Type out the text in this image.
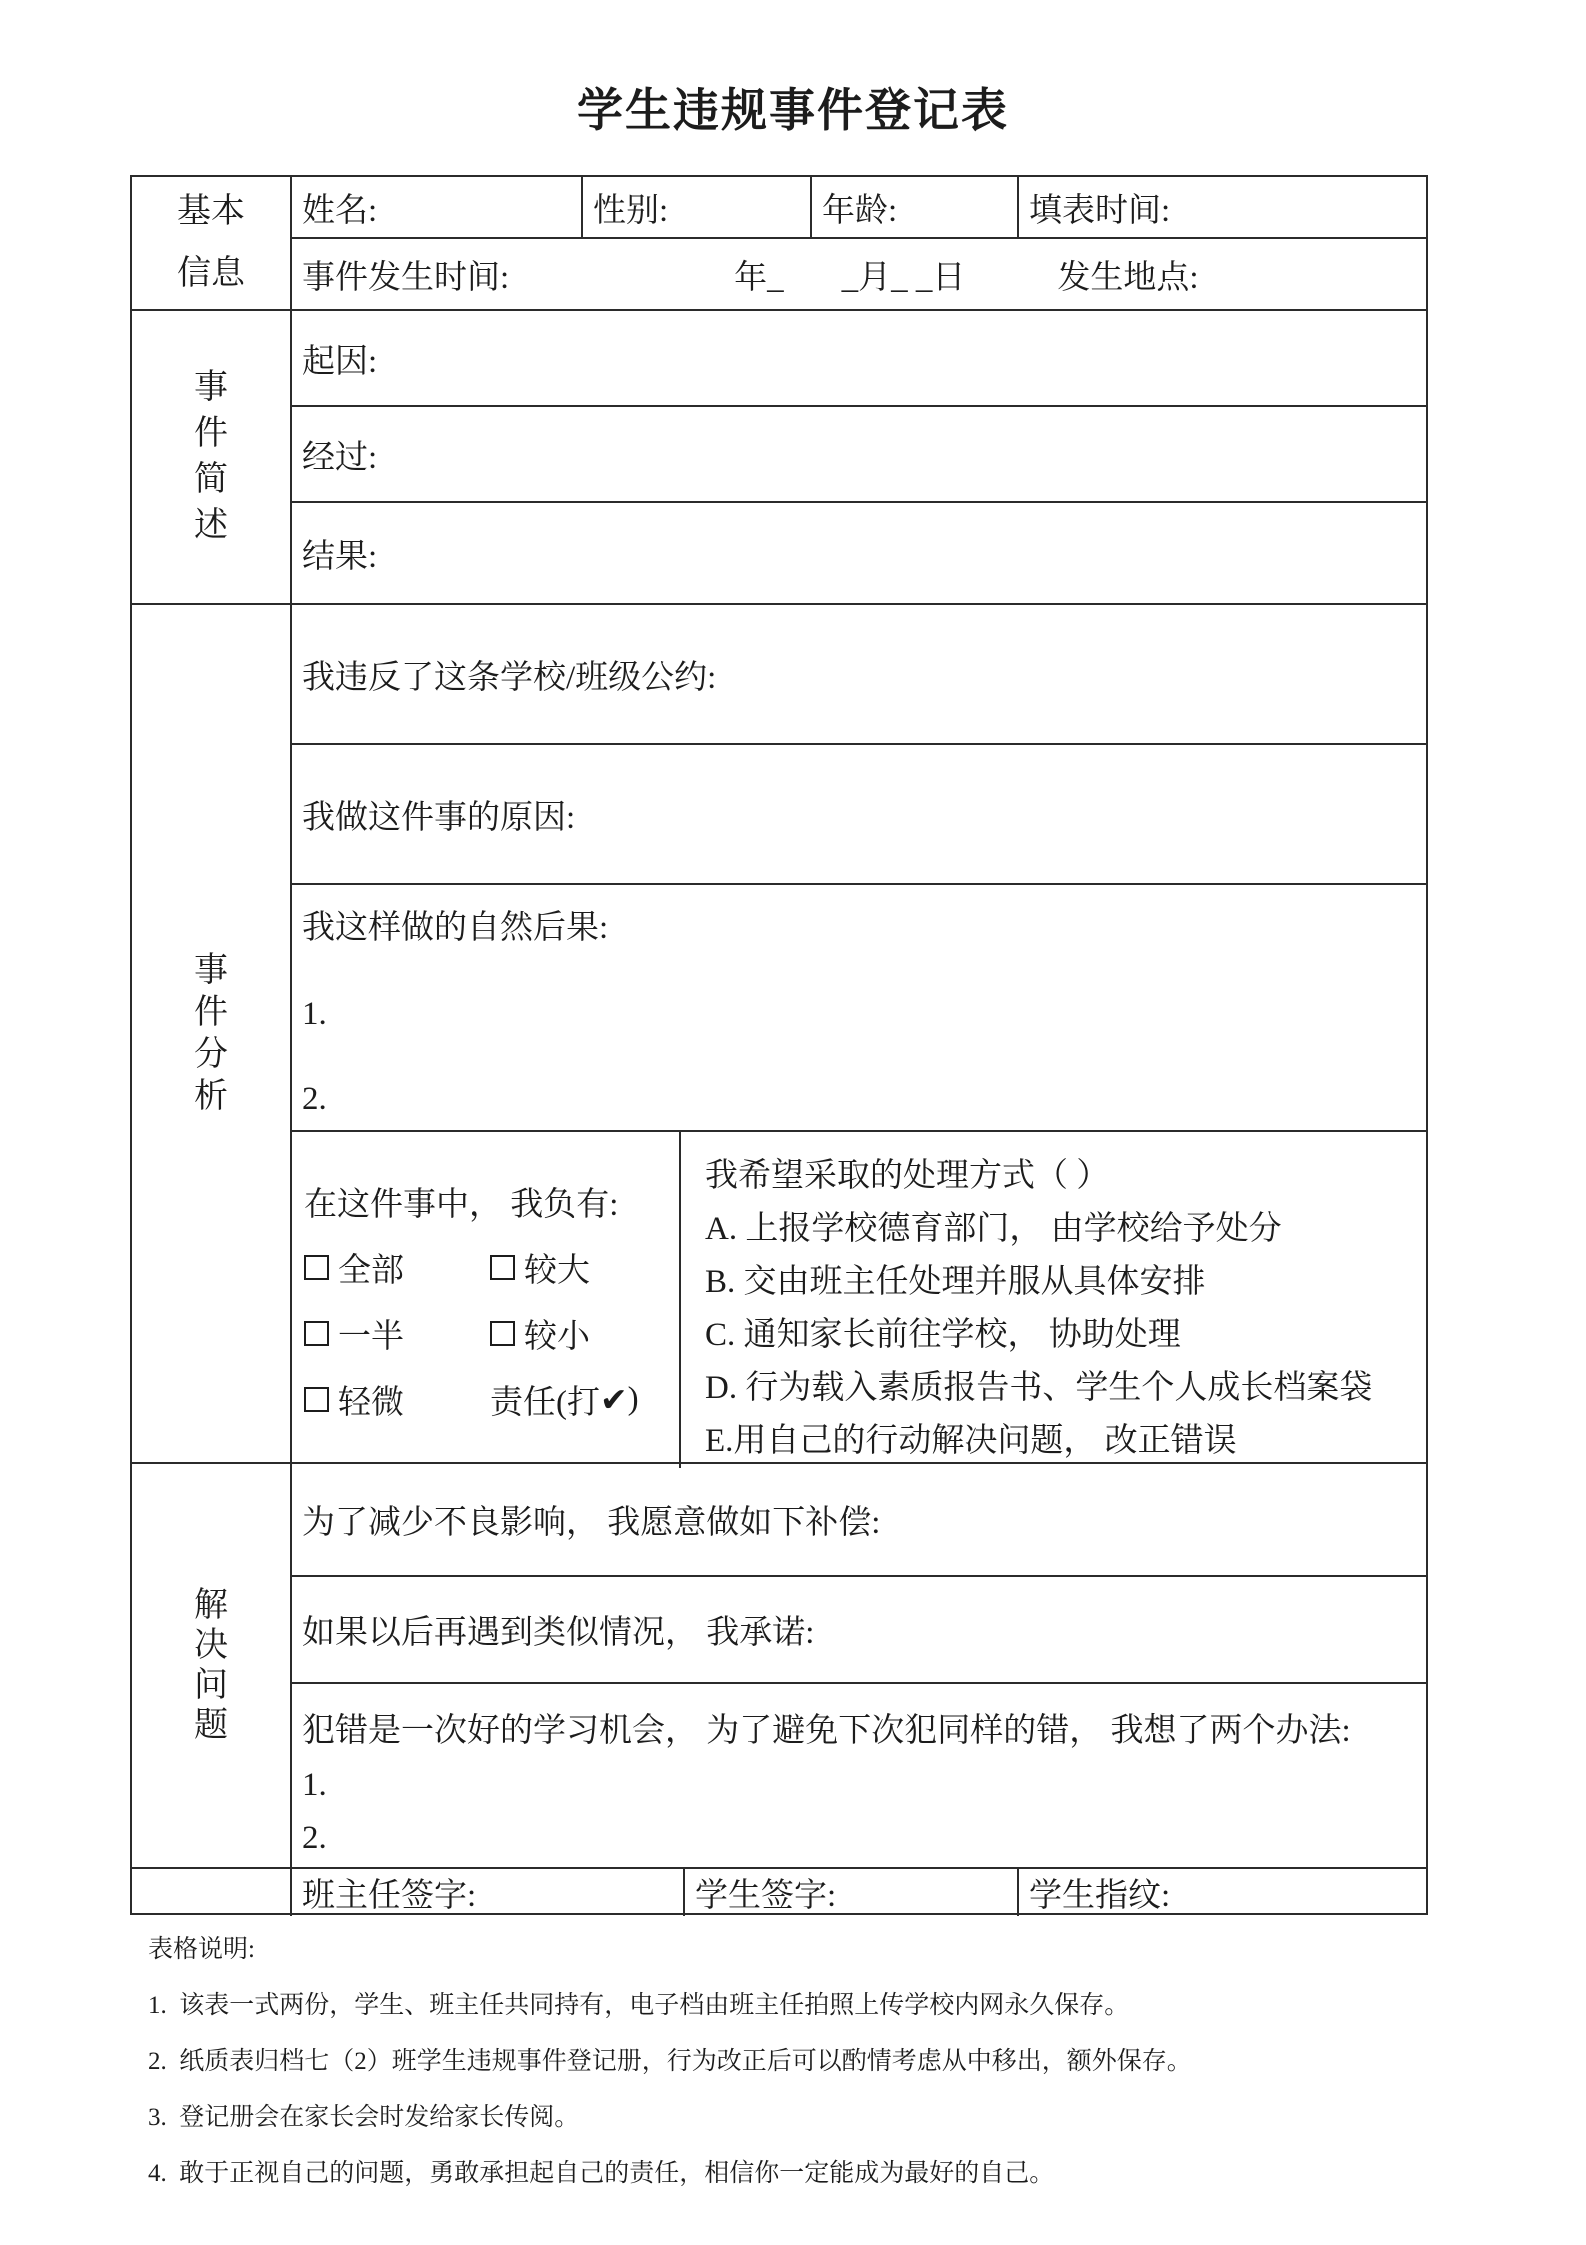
学生违规事件登记表
基本
信息
姓名:	性别:	年龄:	填表时间:
事件发生时间:	年_ _月_ _日	发生地点:
事
件
简
述
起因:
经过:
结果:
事
件
分
析
我违反了这条学校/班级公约:
我做这件事的原因:
我这样做的自然后果:
1.
2.
在这件事中， 我负有:
全部	较大
一半	较小
轻微	责任(打 ✔ )
我希望采取的处理方式（ ）
A. 上报学校德育部门， 由学校给予处分
B. 交由班主任处理并服从具体安排
C. 通知家长前往学校， 协助处理
D. 行为载入素质报告书、学生个人成长档案袋
E.用自己的行动解决问题， 改正错误
解
决
问
题
为了减少不良影响， 我愿意做如下补偿:
如果以后再遇到类似情况， 我承诺:
犯错是一次好的学习机会， 为了避免下次犯同样的错， 我想了两个办法:
1.
2.
班主任签字:	学生签字:	学生指纹:
表格说明:
1.  该表一式两份，学生、班主任共同持有，电子档由班主任拍照上传学校内网永久保存。
2.  纸质表归档七（2）班学生违规事件登记册，行为改正后可以酌情考虑从中移出，额外保存。
3.  登记册会在家长会时发给家长传阅。
4.  敢于正视自己的问题，勇敢承担起自己的责任，相信你一定能成为最好的自己。
